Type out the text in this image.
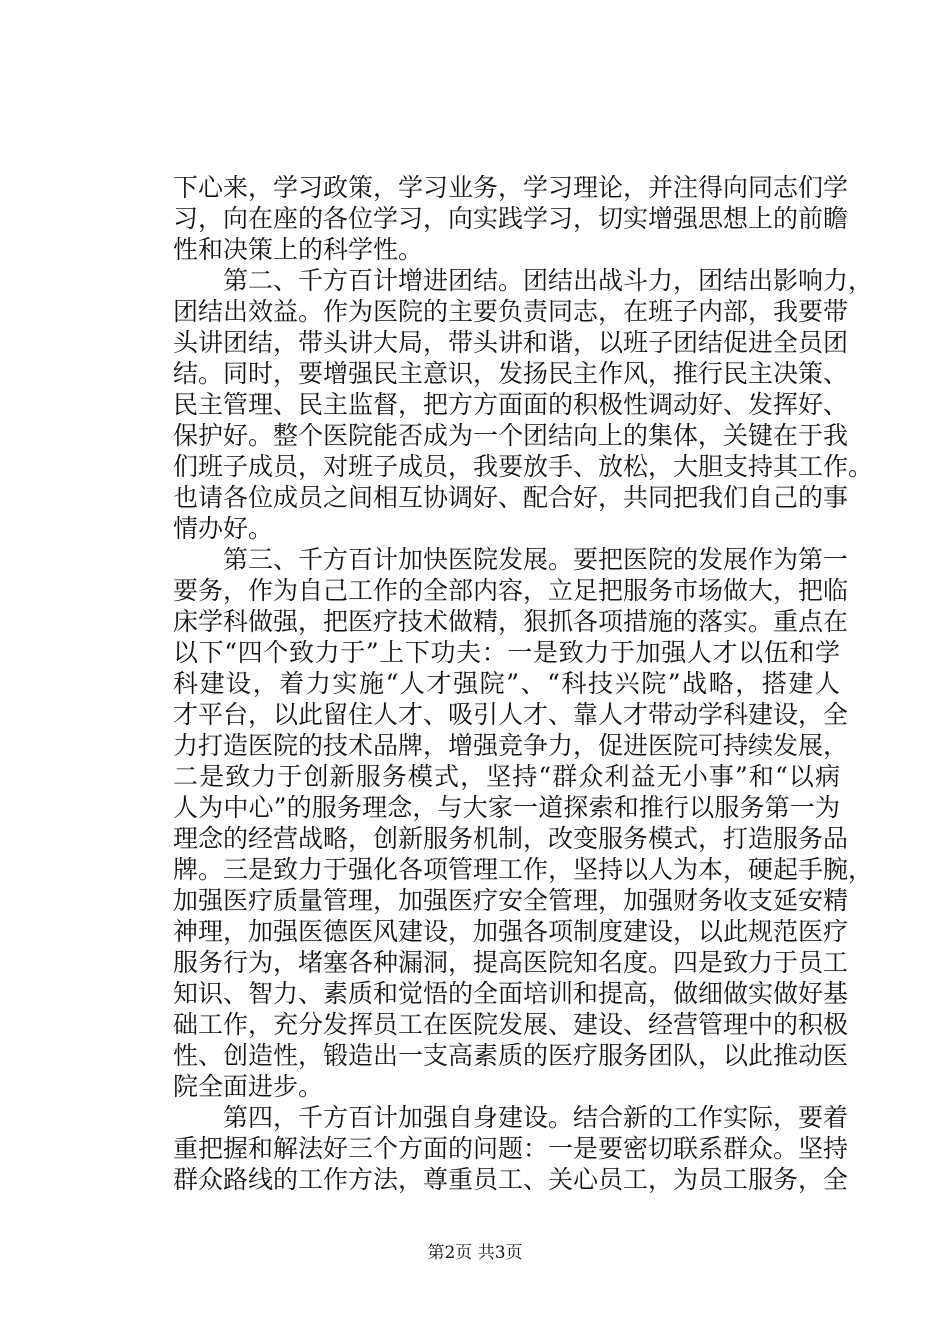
下心来，学习政策，学习业务，学习理论，并注得向同志们学
习，向在座的各位学习，向实践学习，切实增强思想上的前瞻
性和决策上的科学性。
　　第二、千方百计增进团结。团结出战斗力，团结出影响力，
团结出效益。作为医院的主要负责同志，在班子内部，我要带
头讲团结，带头讲大局，带头讲和谐，以班子团结促进全员团
结。同时，要增强民主意识，发扬民主作风，推行民主决策、
民主管理、民主监督，把方方面面的积极性调动好、发挥好、
保护好。整个医院能否成为一个团结向上的集体，关键在于我
们班子成员，对班子成员，我要放手、放松，大胆支持其工作。
也请各位成员之间相互协调好、配合好，共同把我们自己的事
情办好。
　　第三、千方百计加快医院发展。要把医院的发展作为第一
要务，作为自己工作的全部内容，立足把服务市场做大，把临
床学科做强，把医疗技术做精，狠抓各项措施的落实。重点在
以下“四个致力于”上下功夫：一是致力于加强人才以伍和学
科建设，着力实施“人才强院”、“科技兴院”战略，搭建人
才平台，以此留住人才、吸引人才、靠人才带动学科建设，全
力打造医院的技术品牌，增强竞争力，促进医院可持续发展，
二是致力于创新服务模式，坚持“群众利益无小事”和“以病
人为中心”的服务理念，与大家一道探索和推行以服务第一为
理念的经营战略，创新服务机制，改变服务模式，打造服务品
牌。三是致力于强化各项管理工作，坚持以人为本，硬起手腕，
加强医疗质量管理，加强医疗安全管理，加强财务收支延安精
神理，加强医德医风建设，加强各项制度建设，以此规范医疗
服务行为，堵塞各种漏洞，提高医院知名度。四是致力于员工
知识、智力、素质和觉悟的全面培训和提高，做细做实做好基
础工作，充分发挥员工在医院发展、建设、经营管理中的积极
性、创造性，锻造出一支高素质的医疗服务团队，以此推动医
院全面进步。
　　第四，千方百计加强自身建设。结合新的工作实际，要着
重把握和解法好三个方面的问题：一是要密切联系群众。坚持
群众路线的工作方法，尊重员工、关心员工，为员工服务，全
第2页 共3页
